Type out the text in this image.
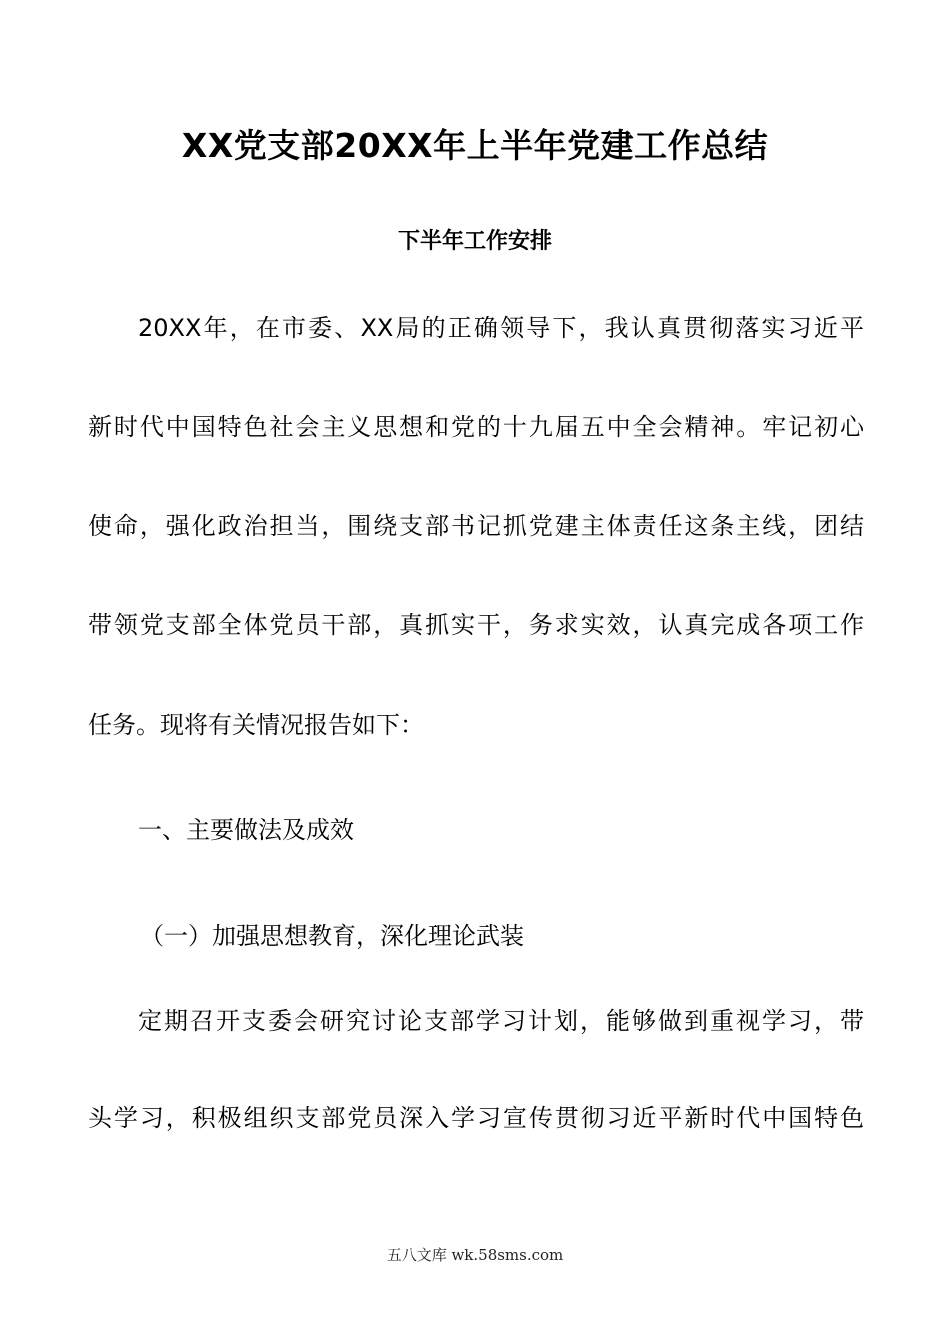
XX党支部20XX年上半年党建工作总结
下半年工作安排
20XX年，在市委、XX局的正确领导下，我认真贯彻落实习近平
新时代中国特色社会主义思想和党的十九届五中全会精神。牢记初心
使命，强化政治担当，围绕支部书记抓党建主体责任这条主线，团结
带领党支部全体党员干部，真抓实干，务求实效，认真完成各项工作
任务。现将有关情况报告如下：
一、主要做法及成效
（一）加强思想教育，深化理论武装
定期召开支委会研究讨论支部学习计划，能够做到重视学习，带
头学习，积极组织支部党员深入学习宣传贯彻习近平新时代中国特色
五八文库 wk.58sms.com
